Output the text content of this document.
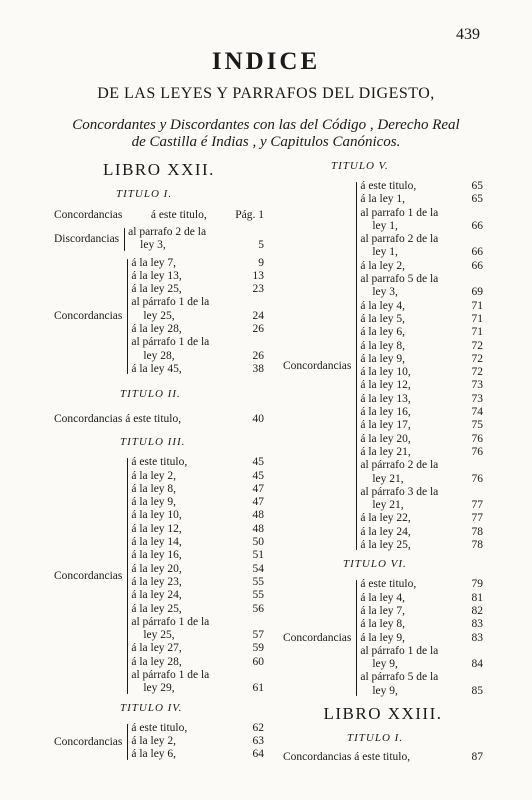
439
INDICE
DE LAS LEYES Y PARRAFOS DEL DIGESTO,
Concordantes y Discordantes con las del Código , Derecho Real
de Castilla é Indias , y Capitulos Canónicos.
LIBRO XXII.
TITULO I.
Concordancias á este titulo, Pág. 1
Discordancias
al parrafo 2 de la
ley 3,	5
Concordancias
á la ley 7,	9
á la ley 13,	13
á la ley 25,	23
al párrafo 1 de la
ley 25,	24
á la ley 28,	26
al párrafo 1 de la
ley 28,	26
á la ley 45,	38
TITULO II.
Concordancias á este titulo,	40
TITULO III.
Concordancias
á este titulo,	45
á la ley 2,	45
á la ley 8,	47
á la ley 9,	47
á la ley 10,	48
á la ley 12,	48
á la ley 14,	50
á la ley 16,	51
á la ley 20,	54
á la ley 23,	55
á la ley 24,	55
á la ley 25,	56
al párrafo 1 de la
ley 25,	57
á la ley 27,	59
á la ley 28,	60
al párrafo 1 de la
ley 29,	61
TITULO IV.
Concordancias
á este titulo,	62
á la ley 2,	63
á la ley 6,	64
TITULO V.
Concordancias
á este titulo,	65
á la ley 1,	65
al parrafo 1 de la
ley 1,	66
al parrafo 2 de la
ley 1,	66
á la ley 2,	66
al parrafo 5 de la
ley 3,	69
á la ley 4,	71
á la ley 5,	71
á la ley 6,	71
á la ley 8,	72
á la ley 9,	72
á la ley 10,	72
á la ley 12,	73
á la ley 13,	73
á la ley 16,	74
á la ley 17,	75
á la ley 20,	76
á la ley 21,	76
al párrafo 2 de la
ley 21,	76
al párrafo 3 de la
ley 21,	77
á la ley 22,	77
á la ley 24,	78
á la ley 25,	78
TITULO VI.
Concordancias
á este titulo,	79
á la ley 4,	81
á la ley 7,	82
á la ley 8,	83
á la ley 9,	83
al párrafo 1 de la
ley 9,	84
al párrafo 5 de la
ley 9,	85
LIBRO XXIII.
TITULO I.
Concordancias á este titulo,	87
